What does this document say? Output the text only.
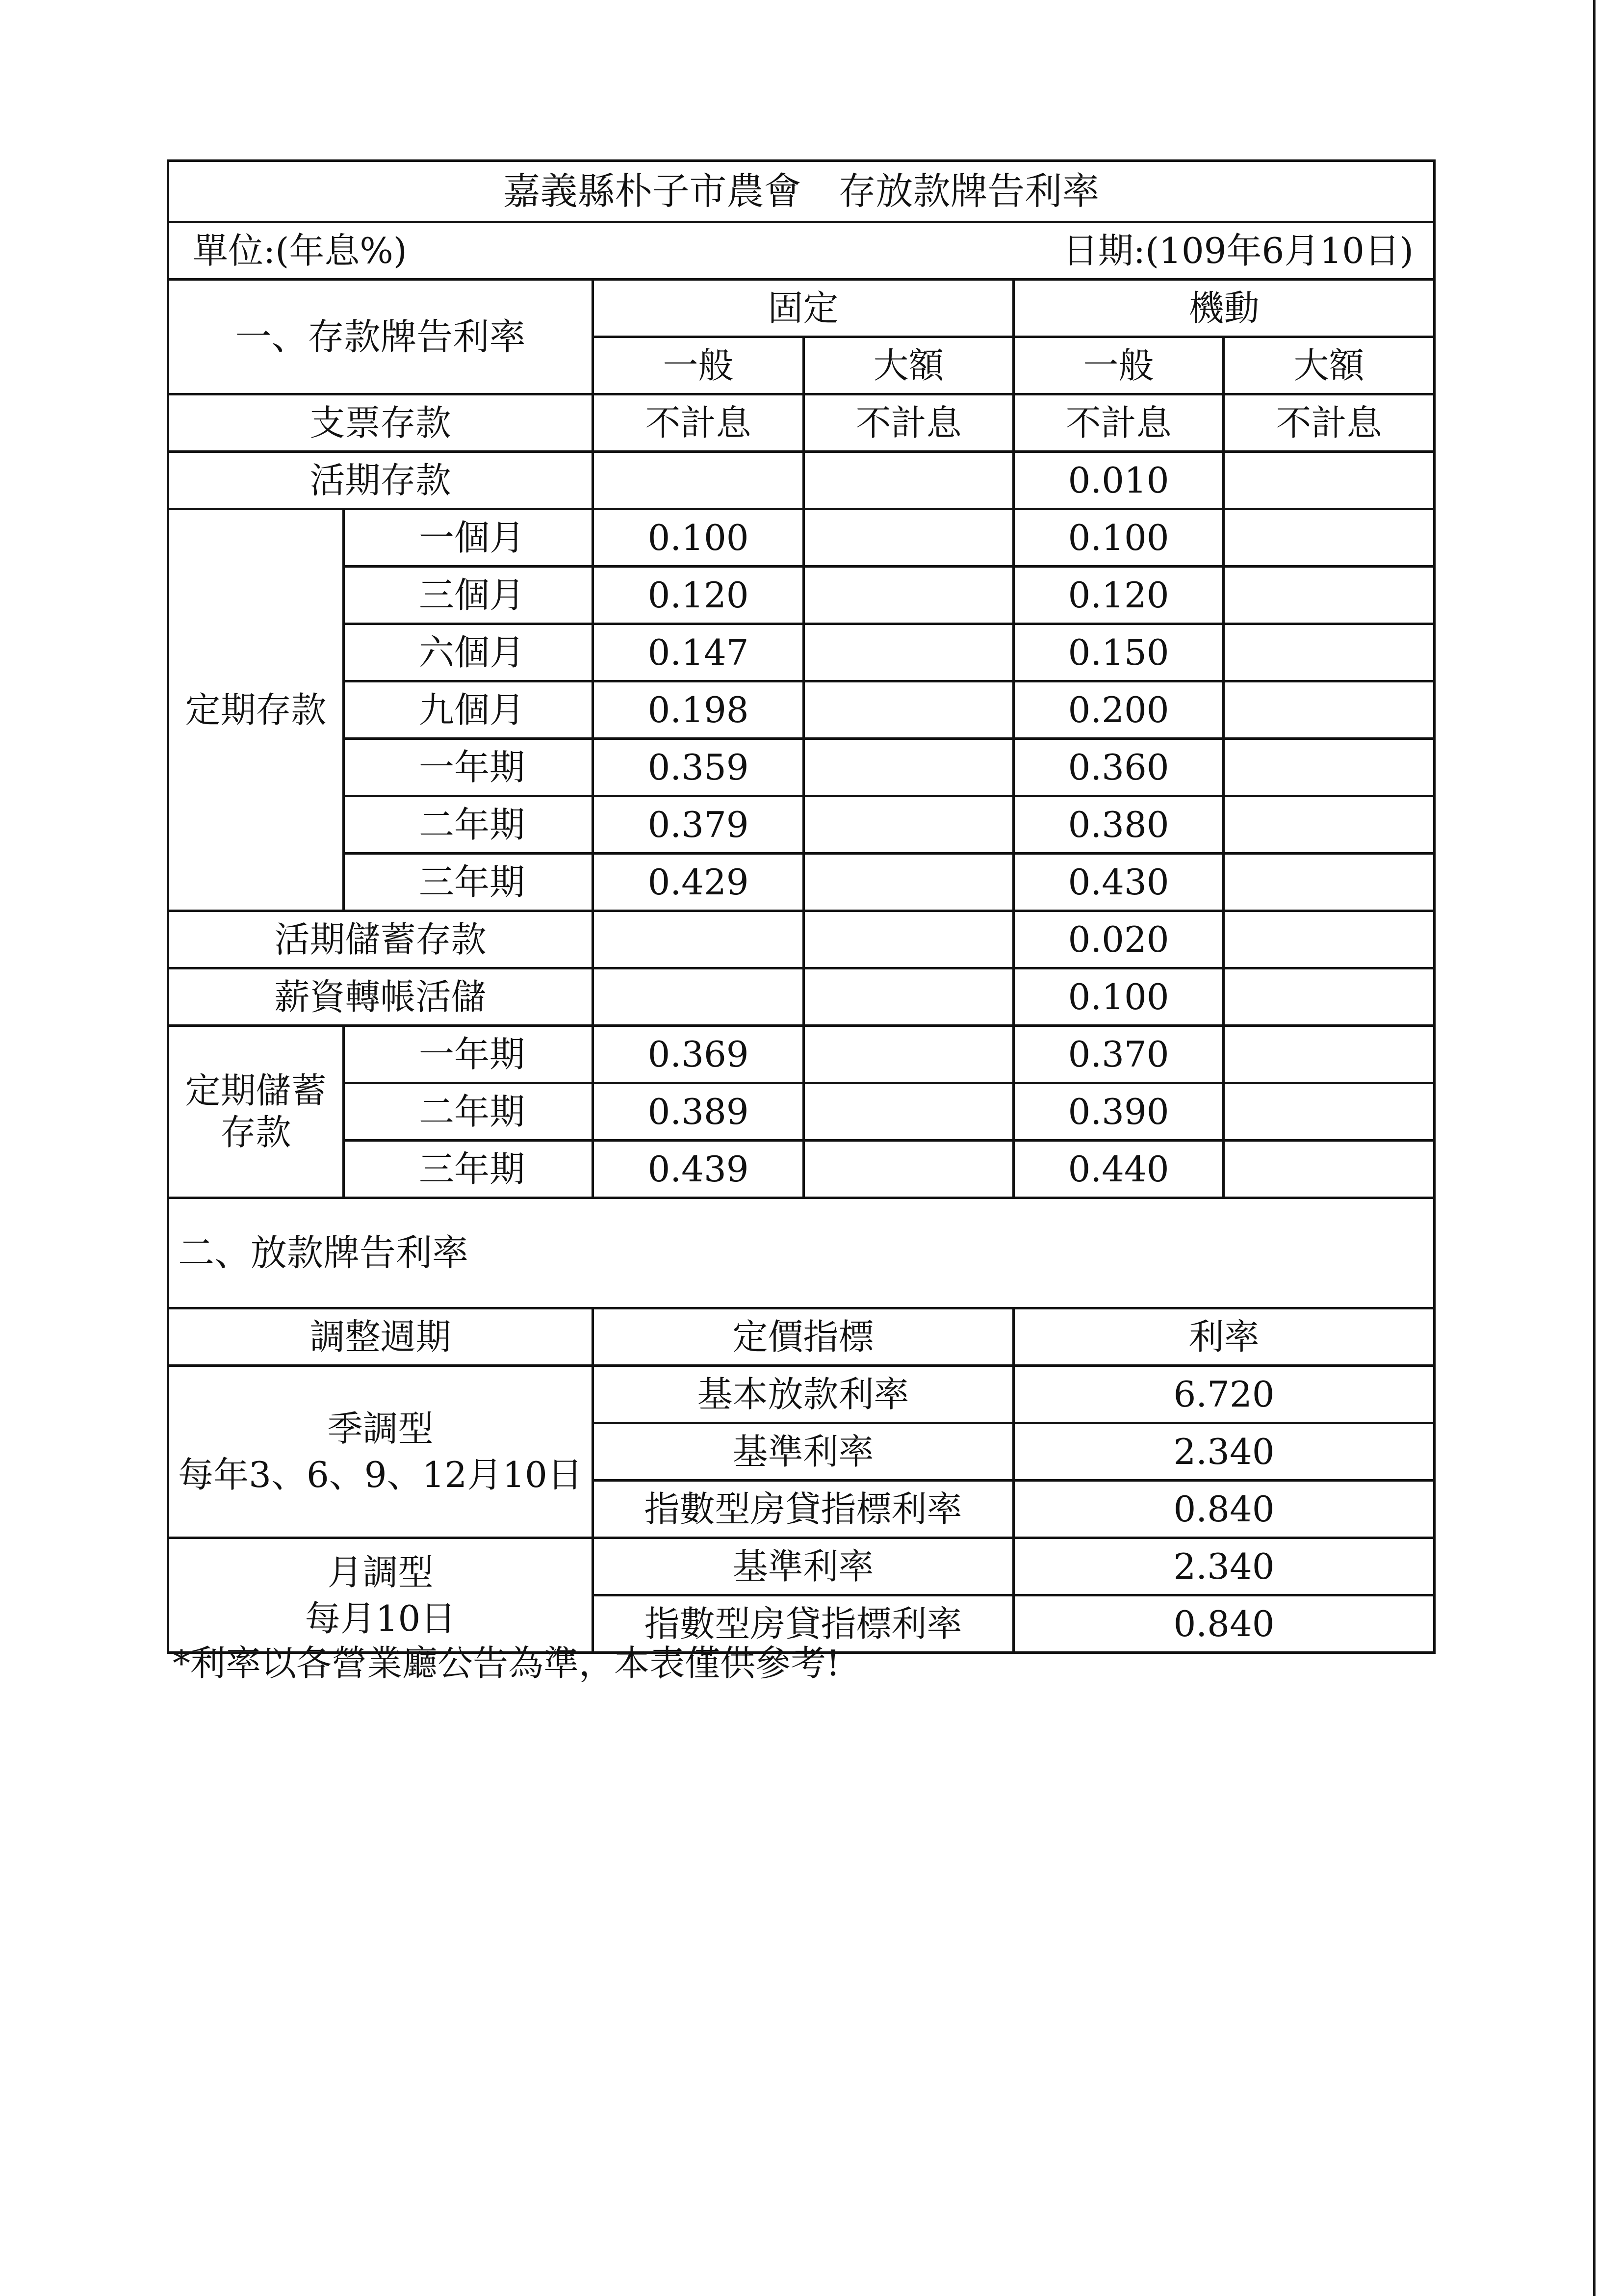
嘉義縣朴子市農會　存放款牌告利率					
單位:(年息%)			日期:(109年6月10日)		
一、存款牌告利率		固定		機動	
		一般	大額	一般	大額
支票存款		不計息	不計息	不計息	不計息
活期存款				0.010	
定期存款	一個月	0.100		0.100	
	三個月	0.120		0.120	
	六個月	0.147		0.150	
	九個月	0.198		0.200	
	一年期	0.359		0.360	
	二年期	0.379		0.380	
	三年期	0.429		0.430	
活期儲蓄存款				0.020	
薪資轉帳活儲				0.100	
定期儲蓄存款	一年期	0.369		0.370	
	二年期	0.389		0.390	
	三年期	0.439		0.440	
二、放款牌告利率					
調整週期		定價指標		利率	

季調型
每年3、6、9、12月10日		基本放款利率		6.720	
		基準利率		2.340	
		指數型房貸指標利率		0.840	

月調型
每月10日		基準利率		2.340	
		指數型房貸指標利率		0.840	
*利率以各營業廳公告為準，本表僅供參考!
